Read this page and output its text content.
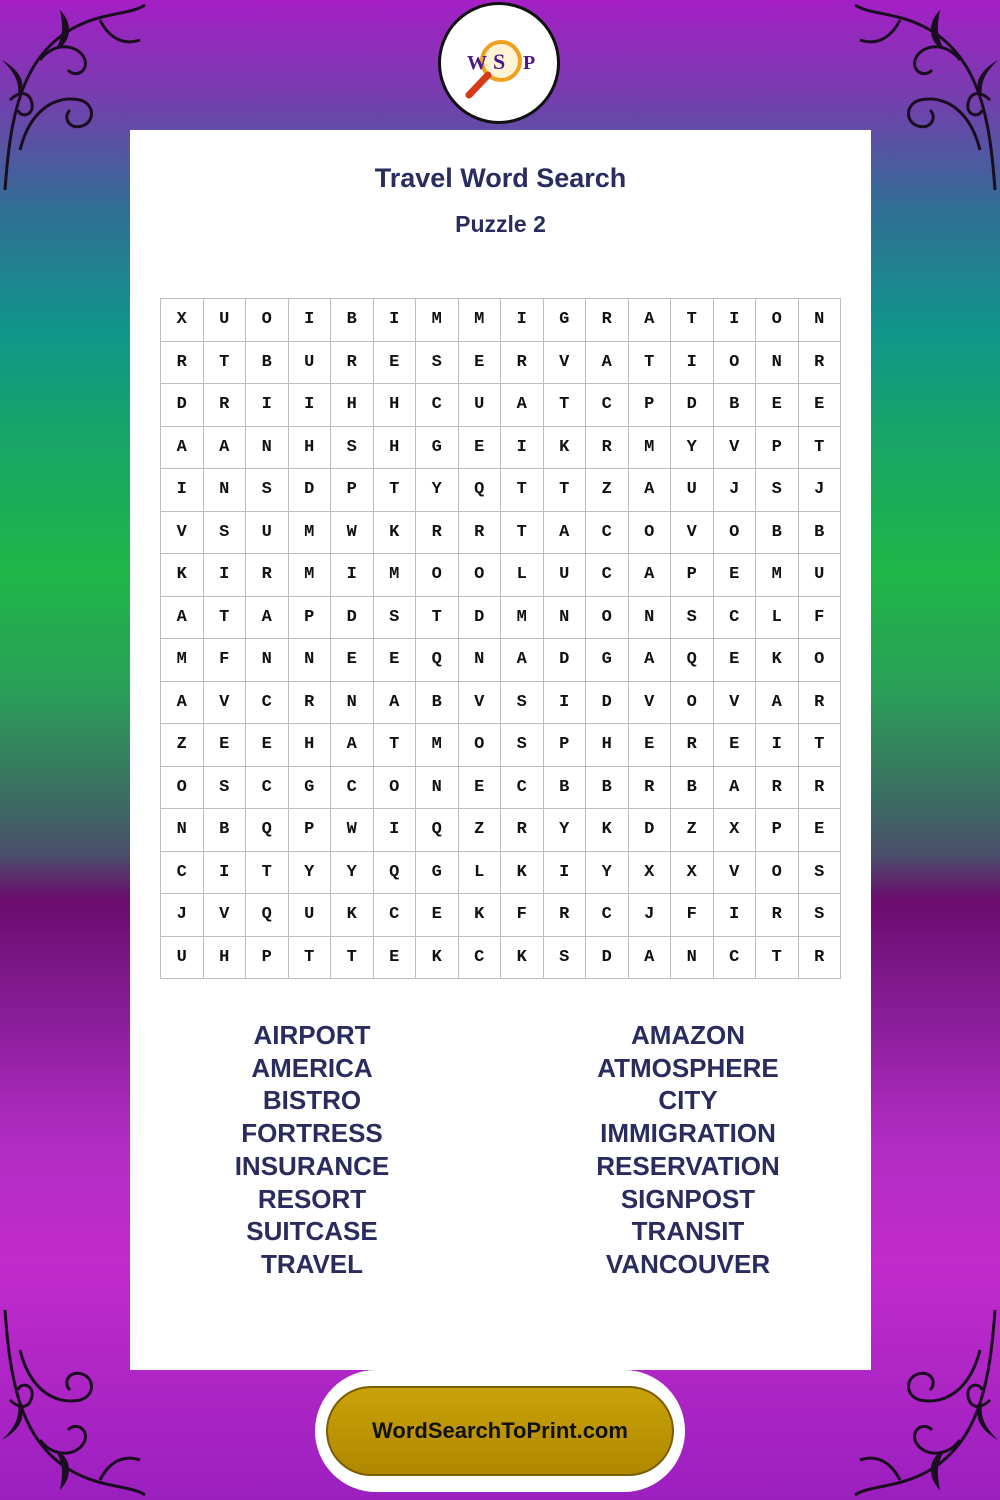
W S P
Travel Word Search
Puzzle 2
X	U	O	I	B	I	M	M	I	G	R	A	T	I	O	N
R	T	B	U	R	E	S	E	R	V	A	T	I	O	N	R
D	R	I	I	H	H	C	U	A	T	C	P	D	B	E	E
A	A	N	H	S	H	G	E	I	K	R	M	Y	V	P	T
I	N	S	D	P	T	Y	Q	T	T	Z	A	U	J	S	J
V	S	U	M	W	K	R	R	T	A	C	O	V	O	B	B
K	I	R	M	I	M	O	O	L	U	C	A	P	E	M	U
A	T	A	P	D	S	T	D	M	N	O	N	S	C	L	F
M	F	N	N	E	E	Q	N	A	D	G	A	Q	E	K	O
A	V	C	R	N	A	B	V	S	I	D	V	O	V	A	R
Z	E	E	H	A	T	M	O	S	P	H	E	R	E	I	T
O	S	C	G	C	O	N	E	C	B	B	R	B	A	R	R
N	B	Q	P	W	I	Q	Z	R	Y	K	D	Z	X	P	E
C	I	T	Y	Y	Q	G	L	K	I	Y	X	X	V	O	S
J	V	Q	U	K	C	E	K	F	R	C	J	F	I	R	S
U	H	P	T	T	E	K	C	K	S	D	A	N	C	T	R
AIRPORT
AMERICA
BISTRO
FORTRESS
INSURANCE
RESORT
SUITCASE
TRAVEL
AMAZON
ATMOSPHERE
CITY
IMMIGRATION
RESERVATION
SIGNPOST
TRANSIT
VANCOUVER
WordSearchToPrint.com
